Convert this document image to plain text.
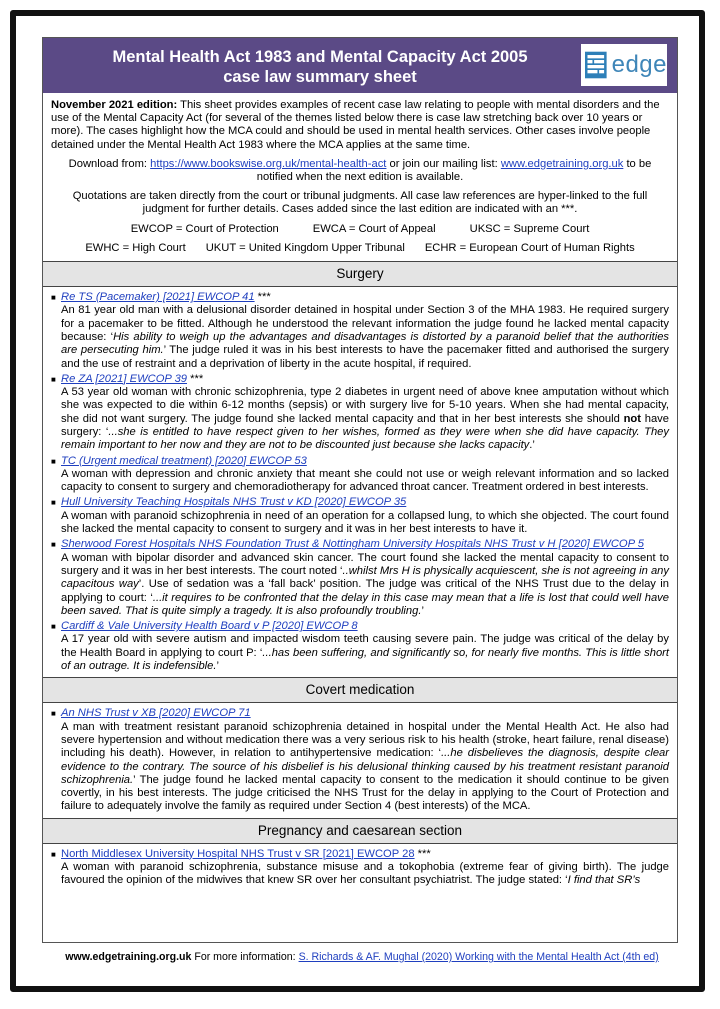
Mental Health Act 1983 and Mental Capacity Act 2005
case law summary sheet	edge

November 2021 edition: This sheet provides examples of recent case law relating to people with mental disorders and the use of the Mental Capacity Act (for several of the themes listed below there is case law stretching back over 10 years or more). The cases highlight how the MCA could and should be used in mental health services. Other cases involve people detained under the Mental Health Act 1983 where the MCA applies at the same time.

Download from: https://www.bookswise.org.uk/mental-health-act or join our mailing list: www.edgetraining.org.uk to be notified when the next edition is available.

Quotations are taken directly from the court or tribunal judgments. All case law references are hyper-linked to the full judgment for further details. Cases added since the last edition are indicated with an ***.

EWCOP = Court of Protection	EWCA = Court of Appeal	UKSC = Supreme Court
EWHC = High Court UKUT = United Kingdom Upper Tribunal ECHR = European Court of Human Rights
Surgery
■ Re TS (Pacemaker) [2021] EWCOP 41 ***
An 81 year old man with a delusional disorder detained in hospital under Section 3 of the MHA 1983. He required surgery for a pacemaker to be fitted. Although he understood the relevant information the judge found he lacked mental capacity because: ‘His ability to weigh up the advantages and disadvantages is distorted by a paranoid belief that the authorities are persecuting him.’ The judge ruled it was in his best interests to have the pacemaker fitted and authorised the surgery and the use of restraint and a deprivation of liberty in the acute hospital, if required.
■ Re ZA [2021] EWCOP 39 ***
A 53 year old woman with chronic schizophrenia, type 2 diabetes in urgent need of above knee amputation without which she was expected to die within 6-12 months (sepsis) or with surgery live for 5-10 years. When she had mental capacity, she did not want surgery. The judge found she lacked mental capacity and that in her best interests she should not have surgery: ‘...she is entitled to have respect given to her wishes, formed as they were when she did have capacity. They remain important to her now and they are not to be discounted just because she lacks capacity.’
■ TC (Urgent medical treatment) [2020] EWCOP 53
A woman with depression and chronic anxiety that meant she could not use or weigh relevant information and so lacked capacity to consent to surgery and chemoradiotherapy for advanced throat cancer. Treatment ordered in best interests.
■ Hull University Teaching Hospitals NHS Trust v KD [2020] EWCOP 35
A woman with paranoid schizophrenia in need of an operation for a collapsed lung, to which she objected. The court found she lacked the mental capacity to consent to surgery and it was in her best interests to have it.
■ Sherwood Forest Hospitals NHS Foundation Trust & Nottingham University Hospitals NHS Trust v H [2020] EWCOP 5
A woman with bipolar disorder and advanced skin cancer. The court found she lacked the mental capacity to consent to surgery and it was in her best interests. The court noted ‘..whilst Mrs H is physically acquiescent, she is not agreeing in any capacitous way’. Use of sedation was a ‘fall back’ position. The judge was critical of the NHS Trust due to the delay in applying to court: ‘...it requires to be confronted that the delay in this case may mean that a life is lost that could well have been saved. That is quite simply a tragedy. It is also profoundly troubling.’
■ Cardiff & Vale University Health Board v P [2020] EWCOP 8
A 17 year old with severe autism and impacted wisdom teeth causing severe pain. The judge was critical of the delay by the Health Board in applying to court P: ‘...has been suffering, and significantly so, for nearly five months. This is little short of an outrage. It is indefensible.’
Covert medication
■ An NHS Trust v XB [2020] EWCOP 71
A man with treatment resistant paranoid schizophrenia detained in hospital under the Mental Health Act. He also had severe hypertension and without medication there was a very serious risk to his health (stroke, heart failure, renal disease) including his death). However, in relation to antihypertensive medication: ‘...he disbelieves the diagnosis, despite clear evidence to the contrary. The source of his disbelief is his delusional thinking caused by his treatment resistant paranoid schizophrenia.’ The judge found he lacked mental capacity to consent to the medication it should continue to be given covertly, in his best interests. The judge criticised the NHS Trust for the delay in applying to the Court of Protection and failure to adequately involve the family as required under Section 4 (best interests) of the MCA.
Pregnancy and caesarean section
■ North Middlesex University Hospital NHS Trust v SR [2021] EWCOP 28 ***
A woman with paranoid schizophrenia, substance misuse and a tokophobia (extreme fear of giving birth). The judge favoured the opinion of the midwives that knew SR over her consultant psychiatrist. The judge stated: ‘I find that SR’s
www.edgetraining.org.uk For more information: S. Richards & AF. Mughal (2020) Working with the Mental Health Act (4th ed)
